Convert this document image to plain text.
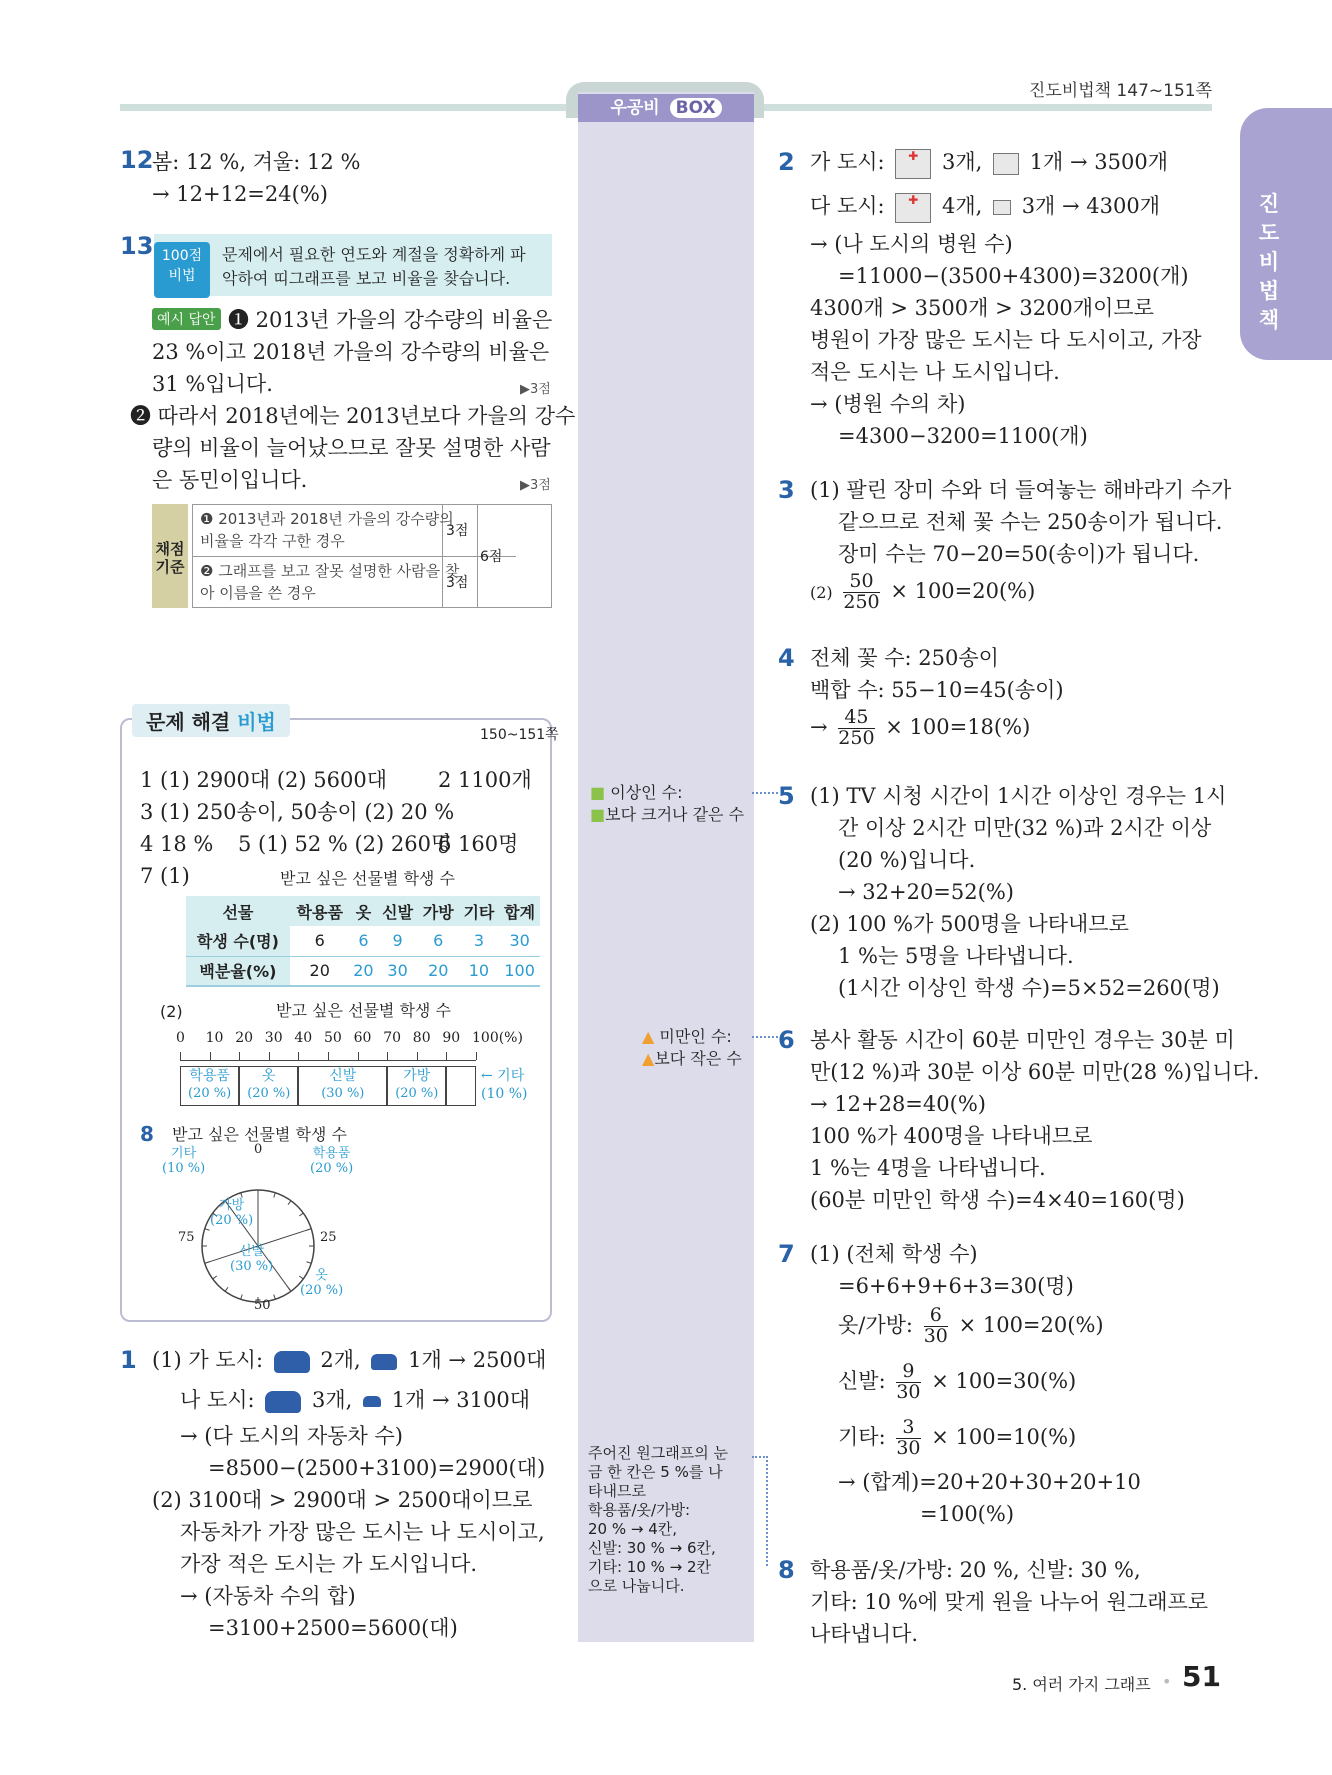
우공비 BOX
진도비법책 147~151쪽
진
도
비
법
책
12
봄: 12 %, 겨울: 12 %
→ 12+12=24(%)
13 100점 비법
문제에서 필요한 연도와 계절을 정확하게 파
악하여 띠그래프를 보고 비율을 찾습니다.
예시 답안 ❶ 2013년 가을의 강수량의 비율은
23 %이고 2018년 가을의 강수량의 비율은
31 %입니다.	▶3점
❷ 따라서 2018년에는 2013년보다 가을의 강수
량의 비율이 늘어났으므로 잘못 설명한 사람
은 동민이입니다.	▶3점
채점 기준
❶ 2013년과 2018년 가을의 강수량의
비율을 각각 구한 경우
3점
❷ 그래프를 보고 잘못 설명한 사람을 찾
아 이름을 쓴 경우
3점
6점
문제 해결 비법
150~151쪽
1 (1) 2900대 (2) 5600대 2 1100개
3 (1) 250송이, 50송이 (2) 20 %
4 18 % 5 (1) 52 % (2) 260명
6 160명
7 (1)	받고 싶은 선물별 학생 수
선물	학용품	옷	신발	가방	기타	합계
학생 수(명)	6	6	9	6	3	30
백분율(%)	20	20	30	20	10	100
(2)	받고 싶은 선물별 학생 수
0 10 20 30 40 50 60 70 80 90 100(%)
학용품
(20 %)
옷
(20 %)
신발
(30 %)
가방
(20 %)
← 기타
(10 %)
8 받고 싶은 선물별 학생 수
0
25
50
75
학용품
(20 %)
옷
(20 %)
신발
(30 %)
가방
(20 %)
기타
(10 %)
1 (1) 가 도시:	2개, 1개 → 2500대
나 도시:	3개, 1개 → 3100대
→ (다 도시의 자동차 수)
=8500−(2500+3100)=2900(대)
(2) 3100대 > 2900대 > 2500대이므로
자동차가 가장 많은 도시는 나 도시이고,
가장 적은 도시는 가 도시입니다.
→ (자동차 수의 합)
=3100+2500=5600(대)
■ 이상인 수:
■보다 크거나 같은 수
▲ 미만인 수:
▲보다 작은 수
주어진 원그래프의 눈
금 한 칸은 5 %를 나
타내므로
학용품/옷/가방:
20 % → 4칸,
신발: 30 % → 6칸,
기타: 10 % → 2칸
으로 나눕니다.
2 가 도시: ✚ 3개, 1개 → 3500개
다 도시: ✚ 4개, 3개 → 4300개
→ (나 도시의 병원 수)
=11000−(3500+4300)=3200(개)
4300개 > 3500개 > 3200개이므로
병원이 가장 많은 도시는 다 도시이고, 가장
적은 도시는 나 도시입니다.
→ (병원 수의 차)
=4300−3200=1100(개)
3 (1) 팔린 장미 수와 더 들여놓는 해바라기 수가
같으므로 전체 꽃 수는 250송이가 됩니다.
장미 수는 70−20=50(송이)가 됩니다.
$(2) \frac{50}{250} \times 100=20(\%)$
4 전체 꽃 수: 250송이
백합 수: 55−10=45(송이)
→ $\frac{45}{250} \times 100=18(\%)$
5 (1) TV 시청 시간이 1시간 이상인 경우는 1시
간 이상 2시간 미만(32 %)과 2시간 이상
(20 %)입니다.
→ 32+20=52(%)
(2) 100 %가 500명을 나타내므로
1 %는 5명을 나타냅니다.
(1시간 이상인 학생 수)=5×52=260(명)
6 봉사 활동 시간이 60분 미만인 경우는 30분 미
만(12 %)과 30분 이상 60분 미만(28 %)입니다.
→ 12+28=40(%)
100 %가 400명을 나타내므로
1 %는 4명을 나타냅니다.
(60분 미만인 학생 수)=4×40=160(명)
7 (1) (전체 학생 수)
=6+6+9+6+3=30(명)
옷/가방: $\frac{6}{30} \times 100=20(\%)$
신발: $\frac{9}{30} \times 100=30(\%)$
기타: $\frac{3}{30} \times 100=10(\%)$
→ (합계)=20+20+30+20+10
=100(%)
8 학용품/옷/가방: 20 %, 신발: 30 %,
기타: 10 %에 맞게 원을 나누어 원그래프로
나타냅니다.
5. 여러 가지 그래프 • 51
